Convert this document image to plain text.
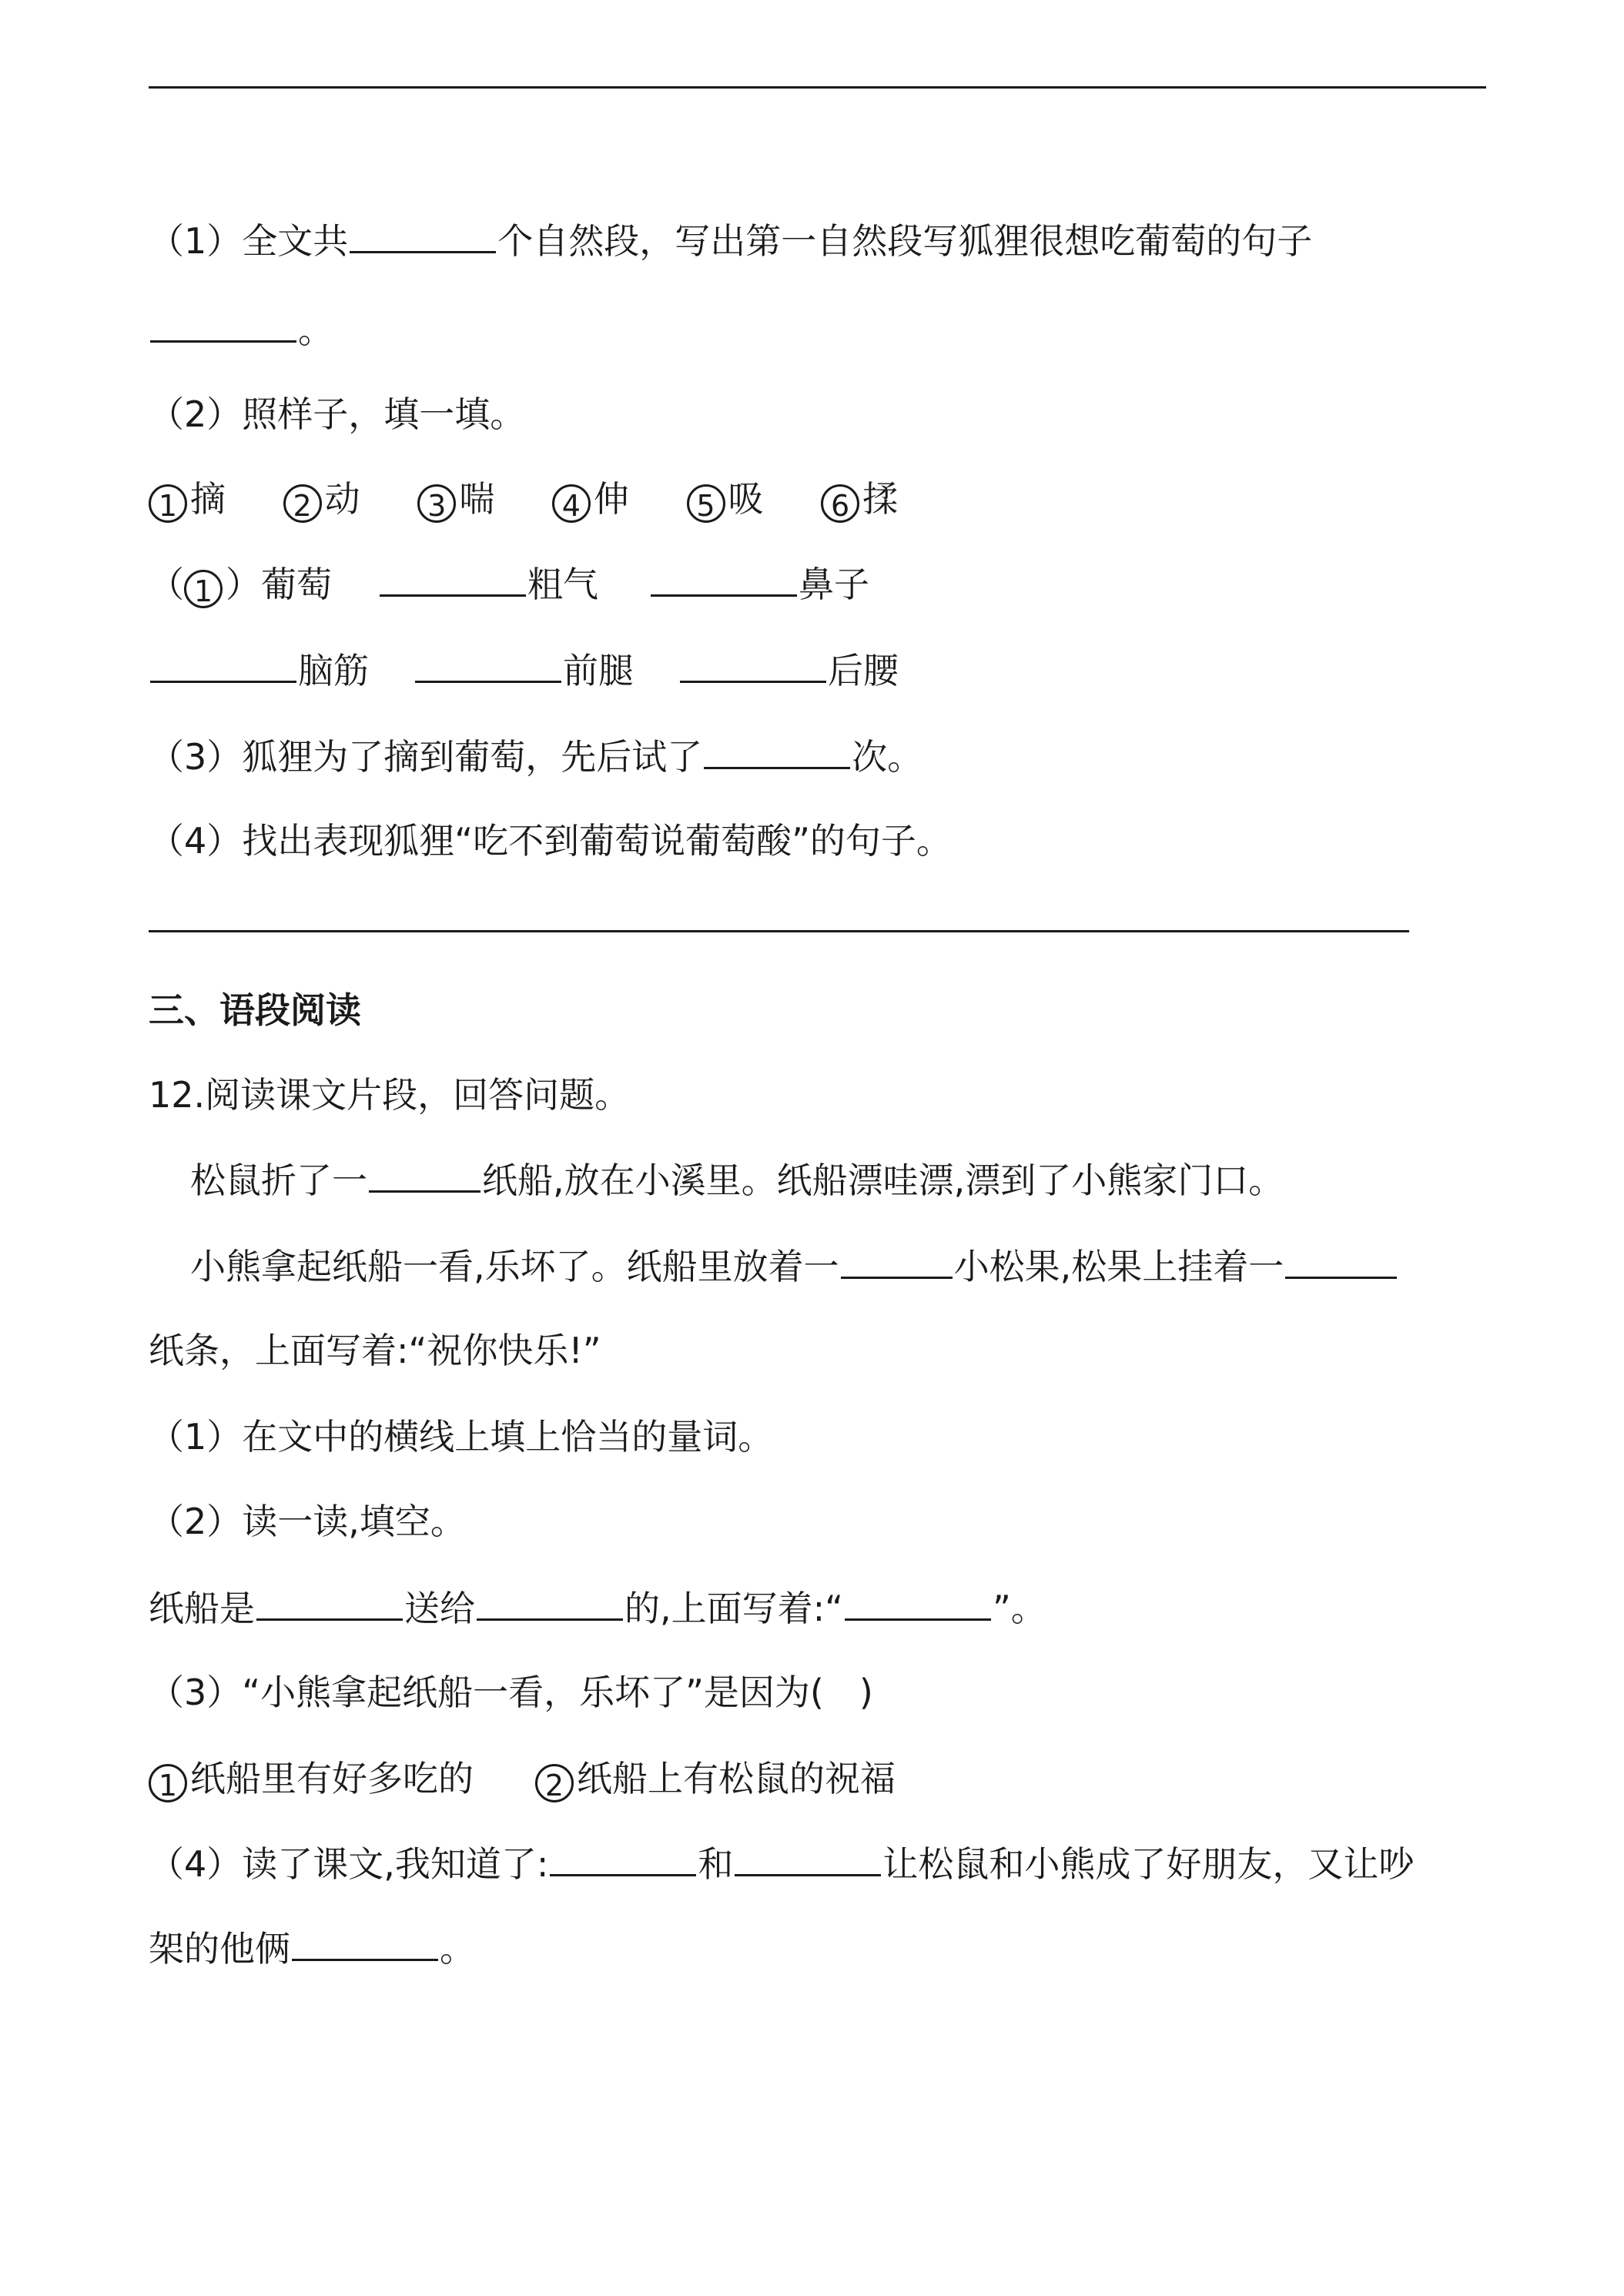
（1）全文共	个自然段，写出第一自然段写狐狸很想吃葡萄的句子
。
（2）照样子，填一填。
1 摘 2 动 3 喘 4 伸 5 吸 6 揉
（ 1 ）葡萄	粗气	鼻子
脑筋	前腿	后腰
（3）狐狸为了摘到葡萄，先后试了	次。
（4）找出表现狐狸“吃不到葡萄说葡萄酸”的句子。
三、语段阅读
12.阅读课文片段，回答问题。
松鼠折了一	纸船,放在小溪里。纸船漂哇漂,漂到了小熊家门口。
小熊拿起纸船一看,乐坏了。纸船里放着一	小松果,松果上挂着一
纸条，上面写着:“祝你快乐!”
（1）在文中的横线上填上恰当的量词。
（2）读一读,填空。
纸船是	送给	的,上面写着:“	”。
（3）“小熊拿起纸船一看，乐坏了”是因为(　)
1 纸船里有好多吃的 2 纸船上有松鼠的祝福
（4）读了课文,我知道了:	和	让松鼠和小熊成了好朋友，又让吵
架的他俩	。
